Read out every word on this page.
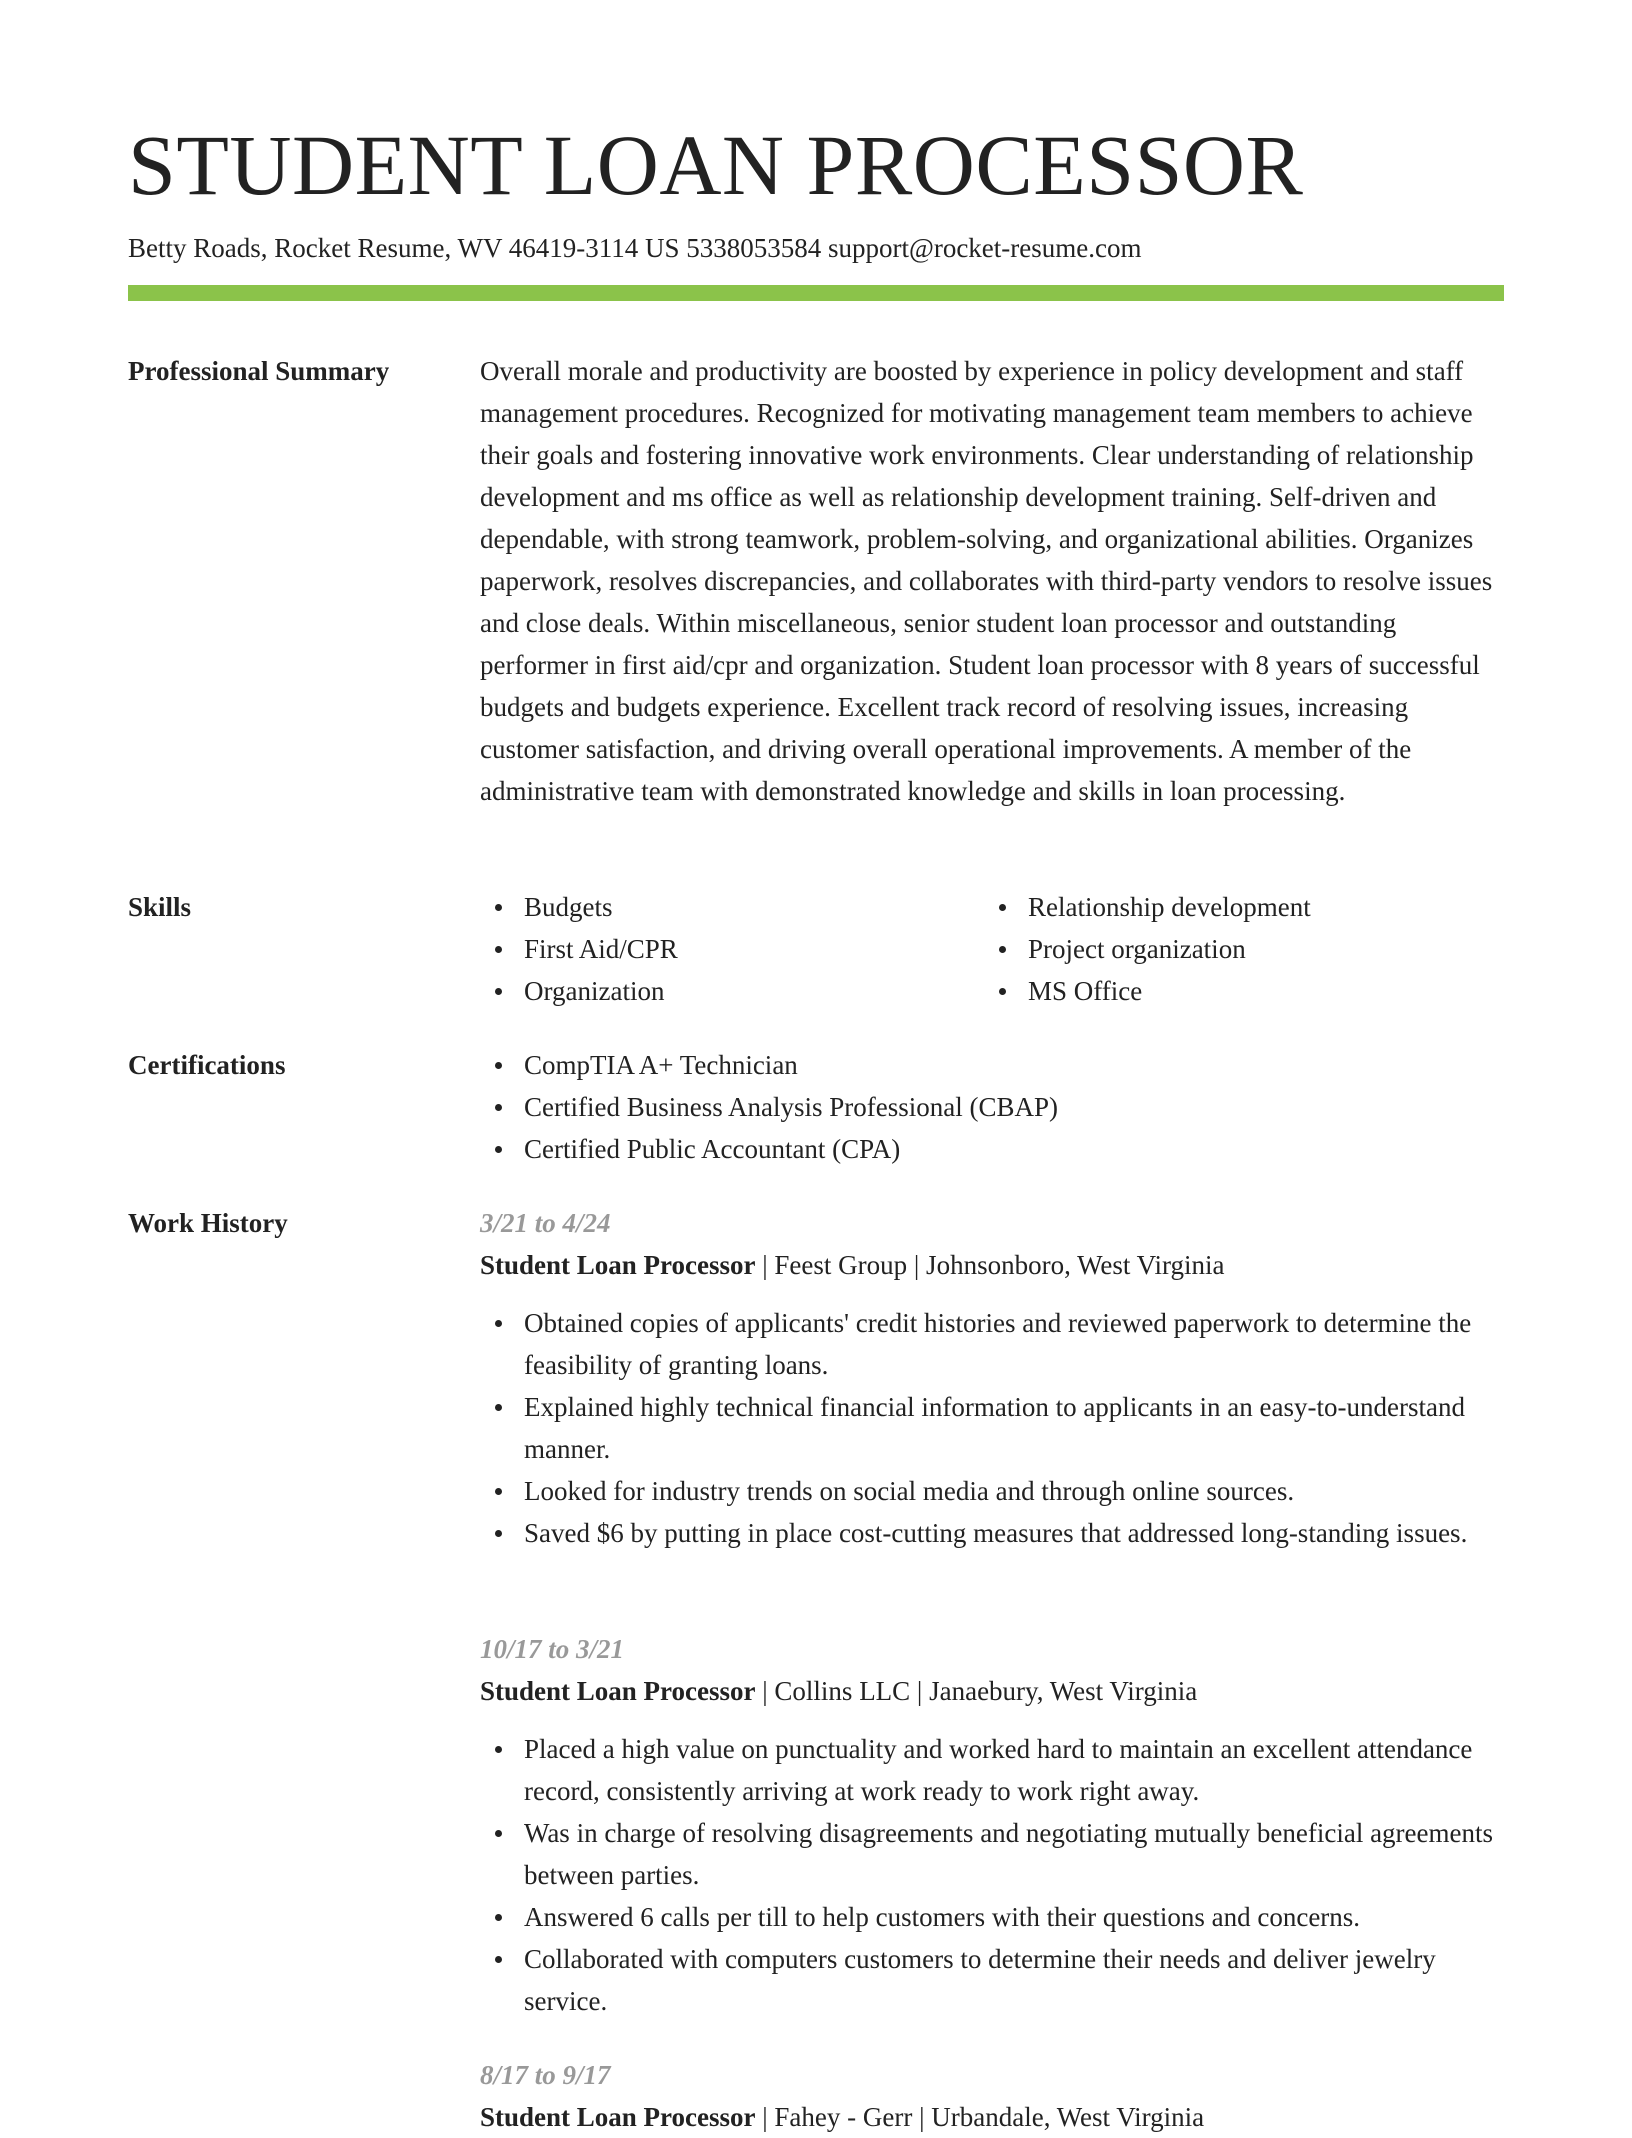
STUDENT LOAN PROCESSOR
Betty Roads, Rocket Resume, WV 46419-3114 US 5338053584 support@rocket-resume.com
Professional Summary	Overall morale and productivity are boosted by experience in policy development and staff management procedures. Recognized for motivating management team members to achieve their goals and fostering innovative work environments. Clear understanding of relationship development and ms office as well as relationship development training. Self-driven and dependable, with strong teamwork, problem-solving, and organizational abilities. Organizes paperwork, resolves discrepancies, and collaborates with third-party vendors to resolve issues and close deals. Within miscellaneous, senior student loan processor and outstanding performer in first aid/cpr and organization. Student loan processor with 8 years of successful budgets and budgets experience. Excellent track record of resolving issues, increasing customer satisfaction, and driving overall operational improvements. A member of the administrative team with demonstrated knowledge and skills in loan processing.

Skills	Budgets
First Aid/CPR
Organization
Relationship development
Project organization
MS Office
Certifications	CompTIA A+ Technician
Certified Business Analysis Professional (CBAP)
Certified Public Accountant (CPA)
Work History	3/21 to 4/24
Student Loan Processor | Feest Group | Johnsonboro, West Virginia
Obtained copies of applicants' credit histories and reviewed paperwork to determine the feasibility of granting loans.
Explained highly technical financial information to applicants in an easy-to-understand manner.
Looked for industry trends on social media and through online sources.
Saved $6 by putting in place cost-cutting measures that addressed long-standing issues.
10/17 to 3/21
Student Loan Processor | Collins LLC | Janaebury, West Virginia
Placed a high value on punctuality and worked hard to maintain an excellent attendance record, consistently arriving at work ready to work right away.
Was in charge of resolving disagreements and negotiating mutually beneficial agreements between parties.
Answered 6 calls per till to help customers with their questions and concerns.
Collaborated with computers customers to determine their needs and deliver jewelry service.
8/17 to 9/17
Student Loan Processor | Fahey - Gerr | Urbandale, West Virginia
